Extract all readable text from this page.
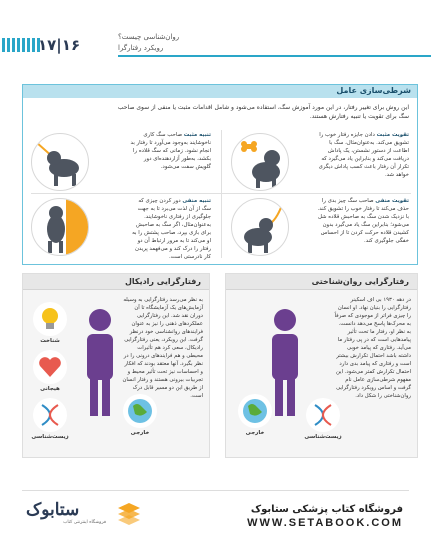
۱۷|۱۶	روان‌شناسی چیست؟
رویکرد رفتارگرا
شرطی‌سازی عامل
این روش برای تغییر رفتار، در این مورد آموزش سگ، استفاده می‌شود و شامل اقدامات مثبت یا منفی از سوی صاحب سگ برای تقویت یا تنبیه رفتارش هستند.
تقویت مثبت دادن جایزه رفتار خوب را تشویق می‌کند. به‌عنوان‌مثال، سگ با اطاعت از دستور نشستن، یک پاداش دریافت می‌کند و بنابراین یاد می‌گیرد که تکرار آن رفتار باعث کسب پاداش دیگری خواهد شد.
تنبیه مثبت صاحب سگ کاری ناخوشایند به‌وجود می‌آورد تا رفتار بد انجام نشود. زمانی که سگ قلاده را بکشد، به‌طور آزاردهنده‌ای دور گلویش سفت می‌شود.
تقویت منفی صاحب سگ چیز بدی را حذف می‌کند تا رفتار خوب را تشویق کند. با نزدیک شدن سگ به صاحبش قلاده شل می‌شود؛ بنابراین سگ یاد می‌گیرد بدون کشیدن قلاده حرکت کردن تا از احساس خفگی جلوگیری کند.
تنبیه منفی دور کردن چیزی که سگ از آن لذت می‌برد تا به جهت جلوگیری از رفتاری ناخوشایند. به‌عنوان‌مثال، اگر سگ به صاحبش برای بازی بپرد، صاحب پشتش را به او می‌کند تا به مرور ارتباط آن دو رفتار را درک کند و می‌فهمد پریدن کار نادرستی است.
رفتارگرایی رادیکال
به نظر می‌رسد رفتارگرایی به وسیله آزمایش‌های یک آزمایشگاه تا آن دوران نقد شد. این رفتارگرایی عملکردهای ذهنی را نیز به عنوان فرایندهای روانشناسی خود درنظر گرفت. این رویکرد، یعنی رفتارگرایی رادیکال، سعی کرد هم تأثیرات محیطی و هم فرایندهای درونی را در نظر بگیرد. آنها معتقد بودند که افکار و احساسات نیز تحت تأثیر محیط و تجربیات بیرونی هستند و رفتار انسان از طریق این دو مسیر قابل درک است.
شناخت
هیجانی
زیست‌شناسی
خارجی
رفتارگرایی روان‌شناختی
در دهه ۱۹۳۰ بی اف اسکینر رفتارگرایی را بنیان نهاد. او انسان را چیزی فراتر از موجودی که صرفاً به محرک‌ها پاسخ می‌دهد دانست. به نظر او، رفتار ما تحت تأثیر پیامدهایی است که در پی رفتار ما می‌آید. رفتاری که پیامد خوبی داشته باشد احتمال تکرارش بیشتر است و رفتاری که پیامد بدی دارد احتمال تکرارش کمتر می‌شود. این مفهوم شرطی‌سازی عامل نام گرفت و اساس رویکرد رفتارگرایی روان‌شناختی را شکل داد.
خارجی
زیست‌شناسی
ستابوک
فروشگاه اینترنتی کتاب
فروشگاه کتاب پزشکی ستابوک
WWW.SETABOOK.COM
